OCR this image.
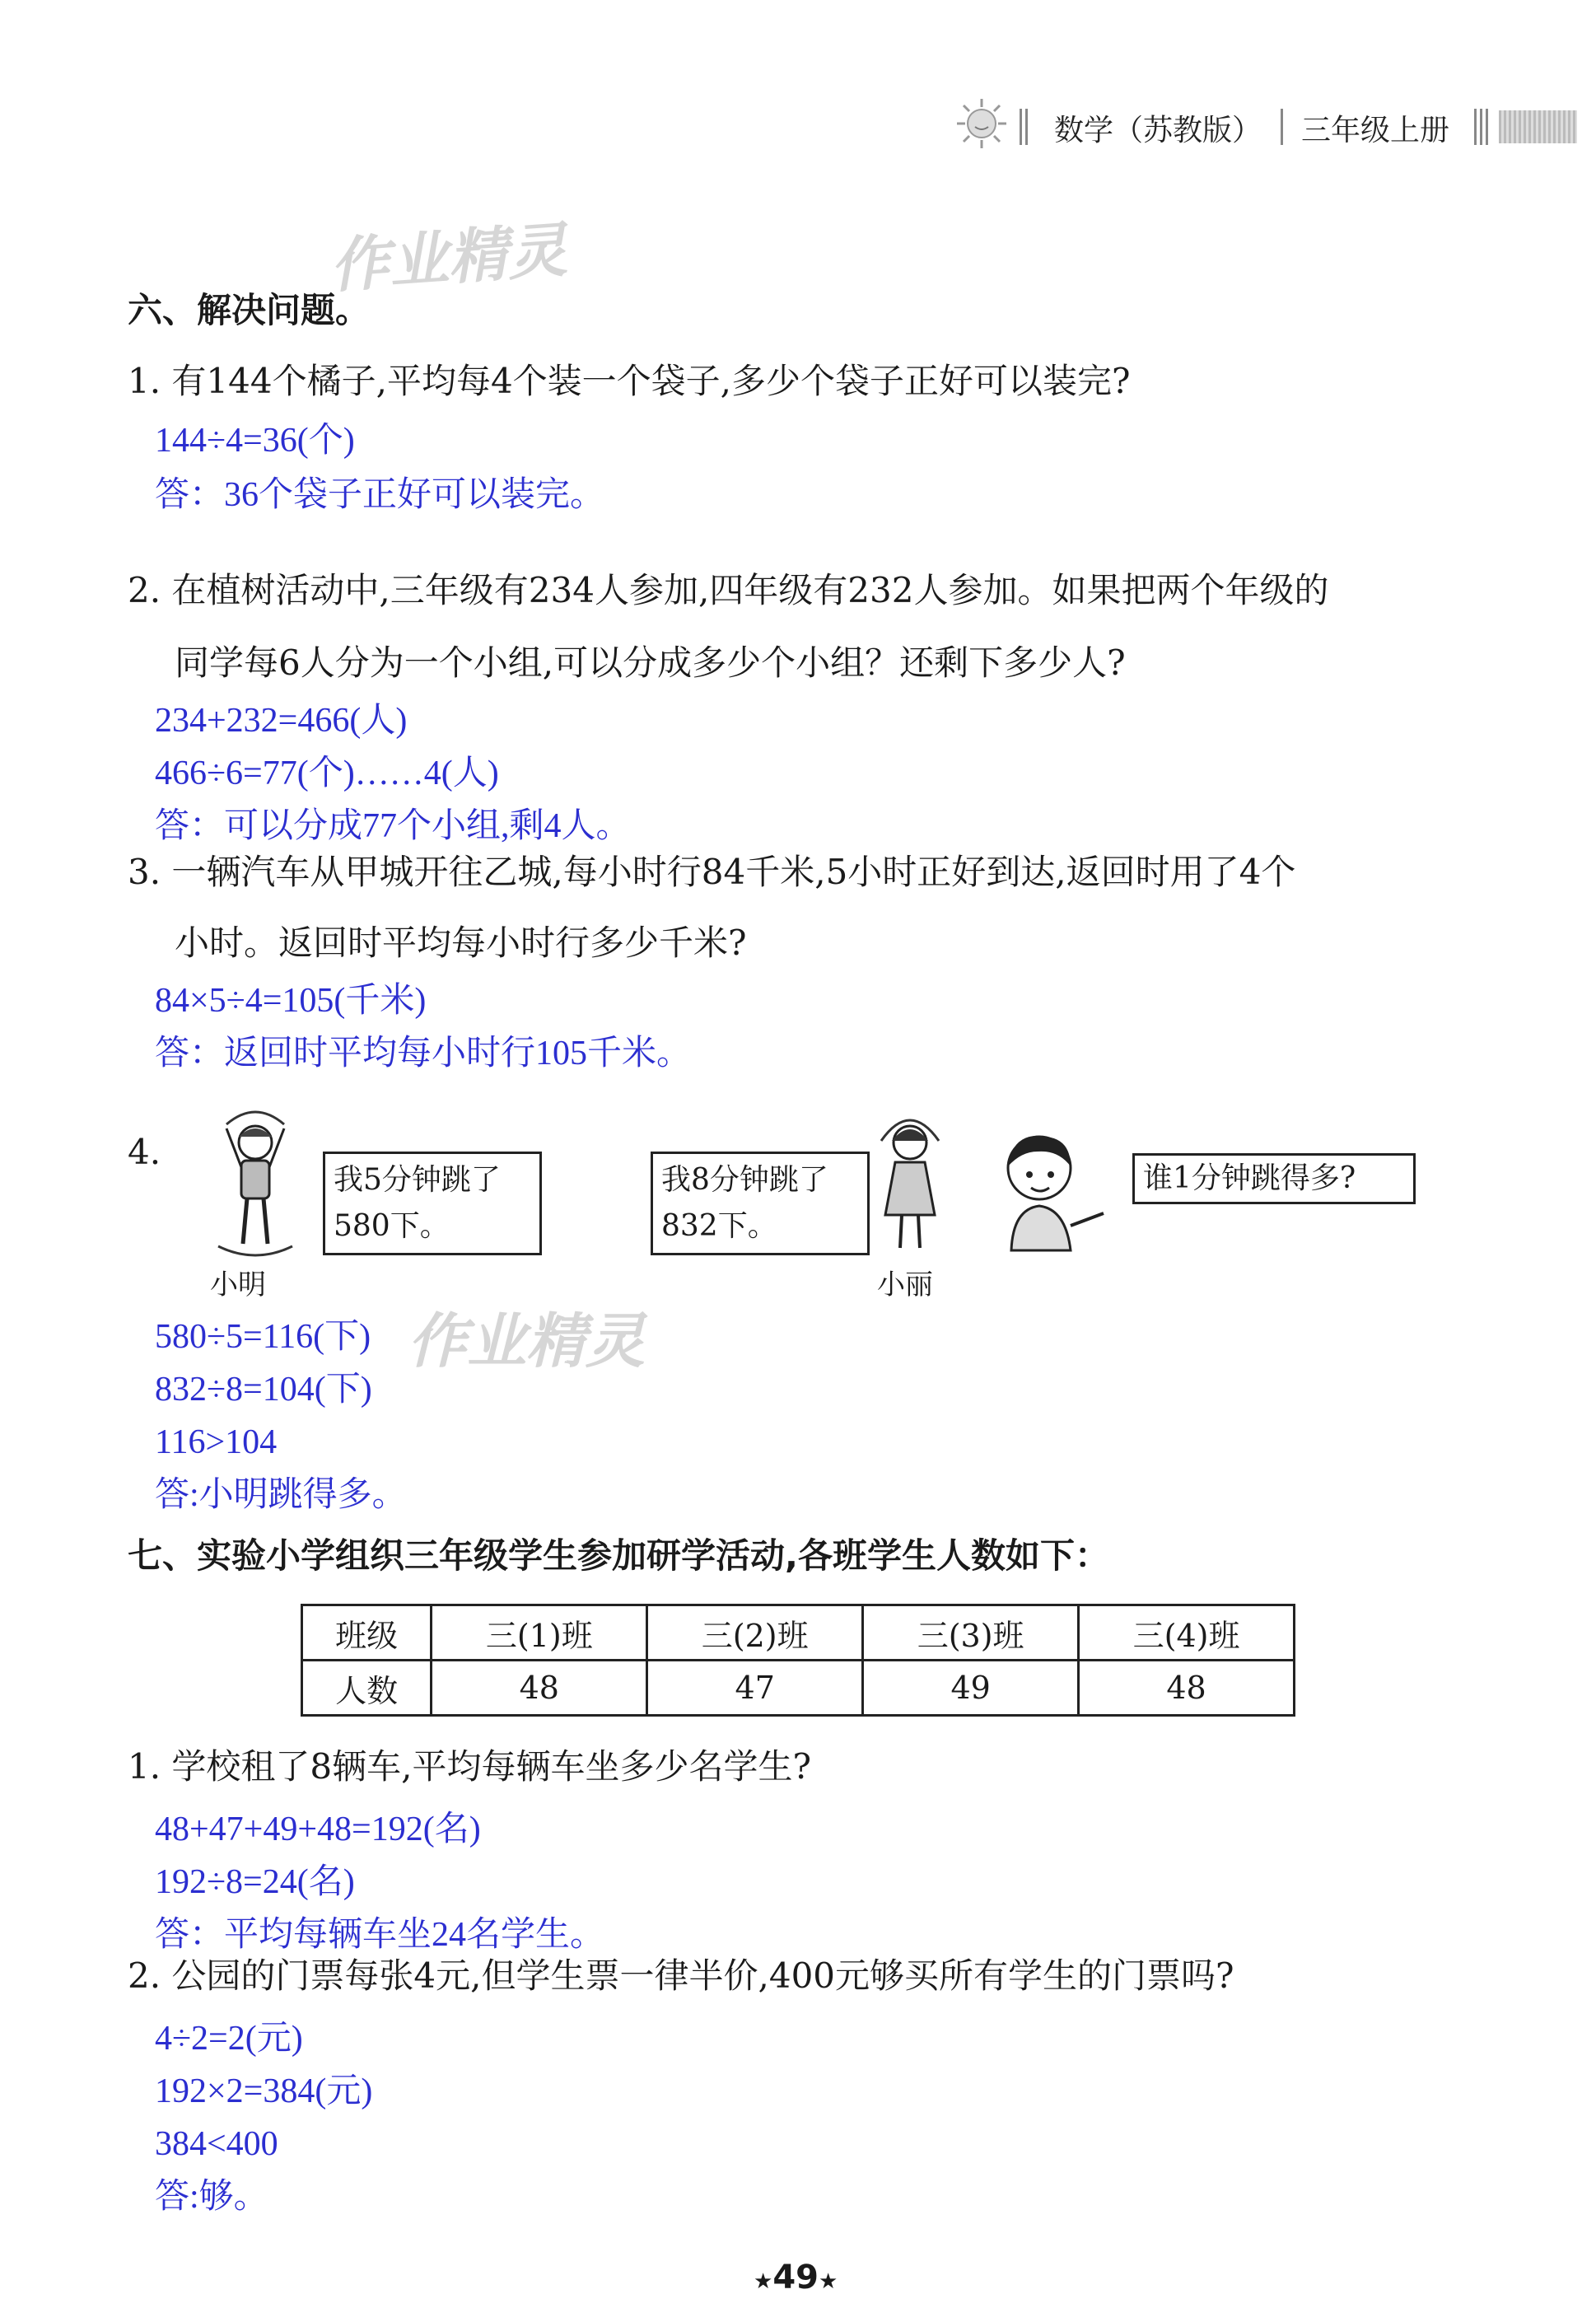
数学（苏教版） 三年级上册
作业精灵
作业精灵
六、解决问题。
1. 有144个橘子,平均每4个装一个袋子,多少个袋子正好可以装完?
144÷4=36(个)
答：36个袋子正好可以装完。
2. 在植树活动中,三年级有234人参加,四年级有232人参加。如果把两个年级的
同学每6人分为一个小组,可以分成多少个小组？还剩下多少人?
234+232=466(人)
466÷6=77(个)……4(人)
答：可以分成77个小组,剩4人。
3. 一辆汽车从甲城开往乙城,每小时行84千米,5小时正好到达,返回时用了4个
小时。返回时平均每小时行多少千米?
84×5÷4=105(千米)
答：返回时平均每小时行105千米。
4.
我5分钟跳了
580下。
小明
我8分钟跳了
832下。
小丽
谁1分钟跳得多?
580÷5=116(下)
832÷8=104(下)
116>104
答:小明跳得多。
七、实验小学组织三年级学生参加研学活动,各班学生人数如下：
班级	三(1)班	三(2)班	三(3)班	三(4)班
人数	48	47	49	48
1. 学校租了8辆车,平均每辆车坐多少名学生?
48+47+49+48=192(名)
192÷8=24(名)
答：平均每辆车坐24名学生。
2. 公园的门票每张4元,但学生票一律半价,400元够买所有学生的门票吗?
4÷2=2(元)
192×2=384(元)
384<400
答:够。
★49★
